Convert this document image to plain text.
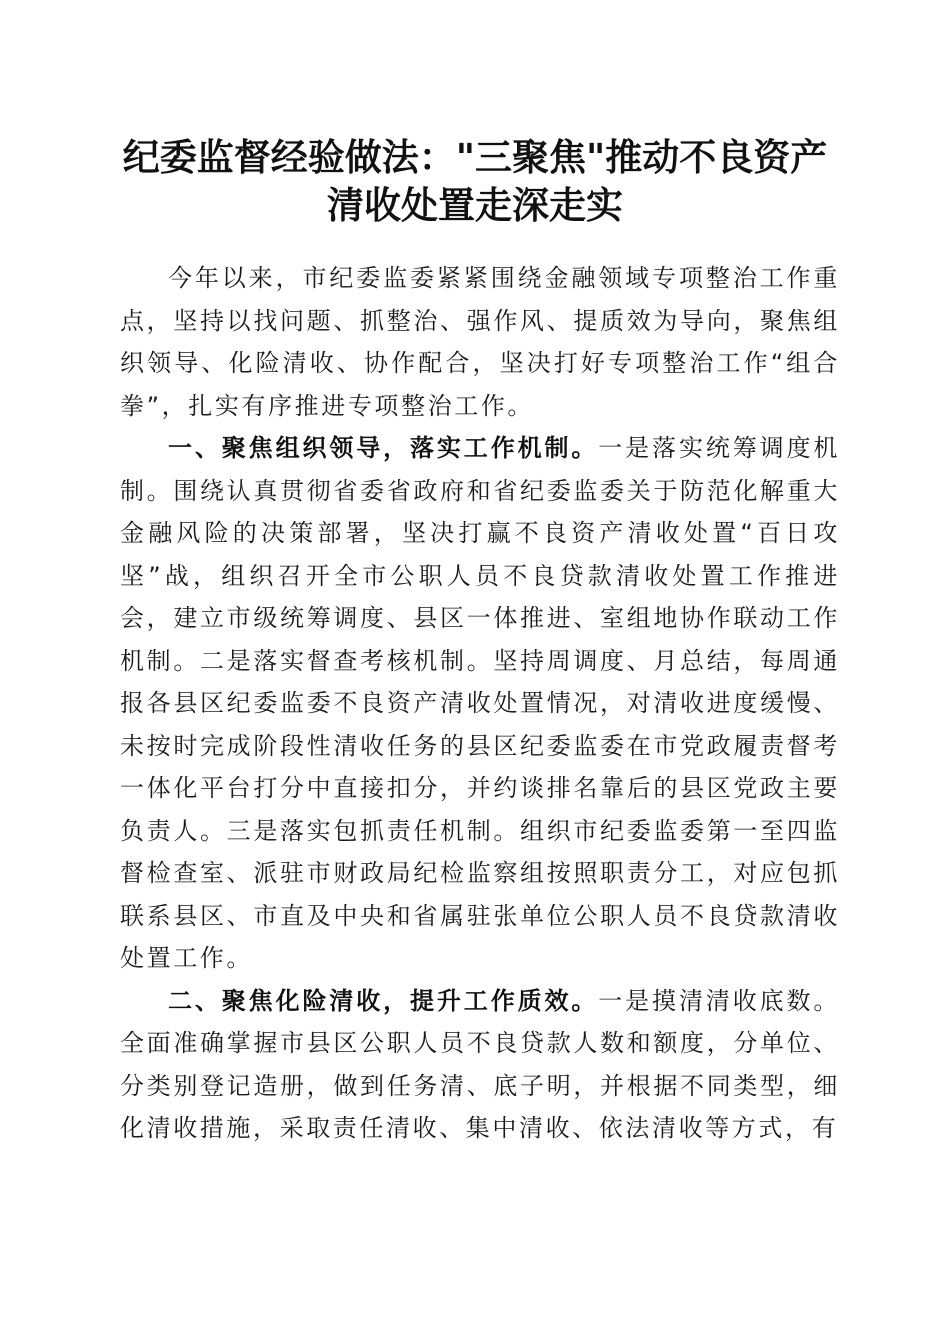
纪委监督经验做法："三聚焦"推动不良资产
清收处置走深走实

今年以来，市纪委监委紧紧围绕金融领域专项整治工作重点，坚持以找问题、抓整治、强作风、提质效为导向，聚焦组织领导、化险清收、协作配合，坚决打好专项整治工作“组合拳”，扎实有序推进专项整治工作。

一、聚焦组织领导，落实工作机制。一是落实统筹调度机制。围绕认真贯彻省委省政府和省纪委监委关于防范化解重大金融风险的决策部署，坚决打赢不良资产清收处置“百日攻坚”战，组织召开全市公职人员不良贷款清收处置工作推进会，建立市级统筹调度、县区一体推进、室组地协作联动工作机制。二是落实督查考核机制。坚持周调度、月总结，每周通报各县区纪委监委不良资产清收处置情况，对清收进度缓慢、未按时完成阶段性清收任务的县区纪委监委在市党政履责督考一体化平台打分中直接扣分，并约谈排名靠后的县区党政主要负责人。三是落实包抓责任机制。组织市纪委监委第一至四监督检查室、派驻市财政局纪检监察组按照职责分工，对应包抓联系县区、市直及中央和省属驻张单位公职人员不良贷款清收处置工作。

二、聚焦化险清收，提升工作质效。一是摸清清收底数。全面准确掌握市县区公职人员不良贷款人数和额度，分单位、分类别登记造册，做到任务清、底子明，并根据不同类型，细化清收措施，采取责任清收、集中清收、依法清收等方式，有
